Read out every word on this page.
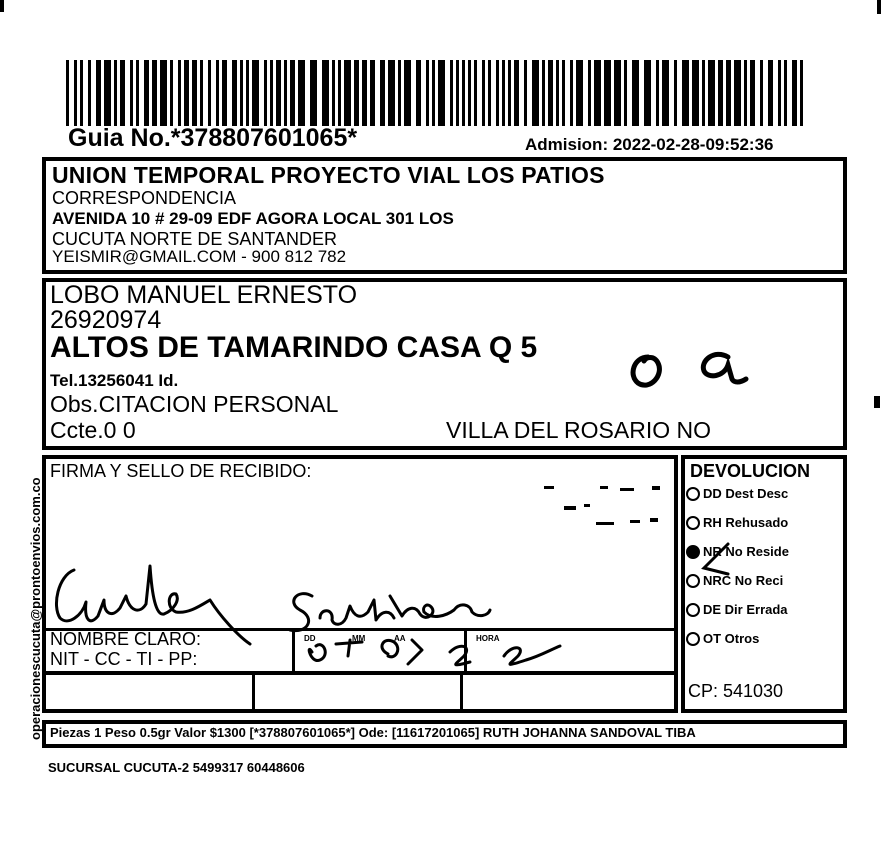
Guia No.*378807601065*	Admision: 2022-02-28-09:52:36
UNION TEMPORAL PROYECTO VIAL LOS PATIOS
CORRESPONDENCIA
AVENIDA 10 # 29-09 EDF AGORA LOCAL 301 LOS
CUCUTA NORTE DE SANTANDER
YEISMIR@GMAIL.COM - 900 812 782
LOBO MANUEL ERNESTO
26920974
ALTOS DE TAMARINDO CASA Q 5
Tel.13256041 Id.
Obs.CITACION PERSONAL
Ccte.0 0	VILLA DEL ROSARIO NO
FIRMA Y SELLO DE RECIBIDO:
NOMBRE CLARO:
NIT - CC - TI - PP:
DD	MM	AA	HORA
DEVOLUCION
DD Dest Desc
RH Rehusado
NR No Reside
NRC No Reci
DE Dir Errada
OT Otros
CP: 541030
Piezas 1 Peso 0.5gr Valor $1300 [*378807601065*] Ode: [11617201065] RUTH JOHANNA SANDOVAL TIBA
SUCURSAL CUCUTA-2 5499317 60448606
operacionescucuta@prontoenvios.com.co
